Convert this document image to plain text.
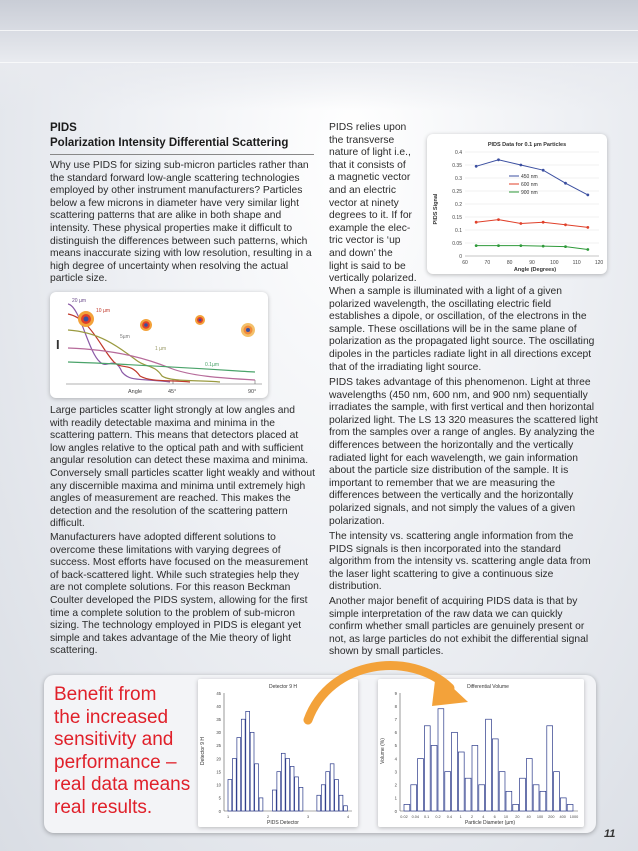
PIDS
Polarization Intensity Differential Scattering
Why use PIDS for sizing sub-micron particles rather than the standard forward low-angle scattering technologies employed by other instrument manufacturers? Particles below a few microns in diameter have very similar light scattering patterns that are alike in both shape and intensity. These physical properties make it difficult to distinguish the differences between such patterns, which means inaccurate sizing with low resolution, resulting in a high degree of uncertainty when resolving the actual particle size.
I
Angle	45°	90°
20 µm
10 µm
5µm
1 µm
0.1µm
Large particles scatter light strongly at low angles and with readily detectable maxima and minima in the scattering pattern. This means that detectors placed at low angles relative to the optical path and with sufficient angular resolution can detect these maxima and minima. Conversely small particles scatter light weakly and without any discernible maxima and minima until extremely high angles of measurement are reached. This makes the detection and the resolution of the scattering pattern difficult.
Manufacturers have adopted different solutions to overcome these limitations with varying degrees of success. Most efforts have focused on the measurement of back-scattered light. While such strategies help they are not complete solutions. For this reason Beckman Coulter developed the PIDS system, allowing for the first time a complete solution to the problem of sub-micron sizing. The technology employed in PIDS is elegant yet simple and takes advantage of the Mie theory of light scattering.
PIDS relies upon
the transverse
nature of light i.e.,
that it consists of
a magnetic vector
and an electric
vector at ninety
degrees to it. If for
example the elec-
tric vector is ‘up
and down’ the
light is said to be
vertically polarized.
PIDS Data for 0.1 µm Particles
Angle (Degrees)
PIDS Signal
0
0.05
0.1
0.15
0.2
0.25
0.3
0.35
0.4
60	70	80	90	100	110	120
450 nm
600 nm
900 nm
When a sample is illuminated with a light of a given polarized wavelength, the oscillating electric field establishes a dipole, or oscillation, of the electrons in the sample. These oscillations will be in the same plane of polarization as the propagated light source. The oscillating dipoles in the particles radiate light in all directions except that of the irradiating light source.
PIDS takes advantage of this phenomenon. Light at three wavelengths (450 nm, 600 nm, and 900 nm) sequentially irradiates the sample, with first vertical and then horizontal polarized light. The LS 13 320 measures the scattered light from the samples over a range of angles. By analyzing the differences between the horizontally and the vertically radiated light for each wavelength, we gain information about the particle size distribution of the sample. It is important to remember that we are measuring the differences between the vertically and the horizontally polarized signals, and not simply the values of a given polarization.
The intensity vs. scattering angle information from the PIDS signals is then incorporated into the standard algorithm from the intensity vs. scattering angle data from the laser light scattering to give a continuous size distribution.
Another major benefit of acquiring PIDS data is that by simple interpretation of the raw data we can quickly confirm whether small particles are genuinely present or not, as large particles do not exhibit the differential signal shown by small particles.
Benefit from
the increased
sensitivity and
performance –
real data means
real results.
Detector 9 H
PIDS Detector
Detector 9 H
0
5
10
15
20
25
30
35
40
45
1	2	3	4
Differential Volume
Particle Diameter (µm)
Volume (%)
0
1
2
3
4
5
6
7
8
9
0.02 0.04 0.1 0.2 0.4 1 2 4 6 10 20 40 100 200 400 1000
11
